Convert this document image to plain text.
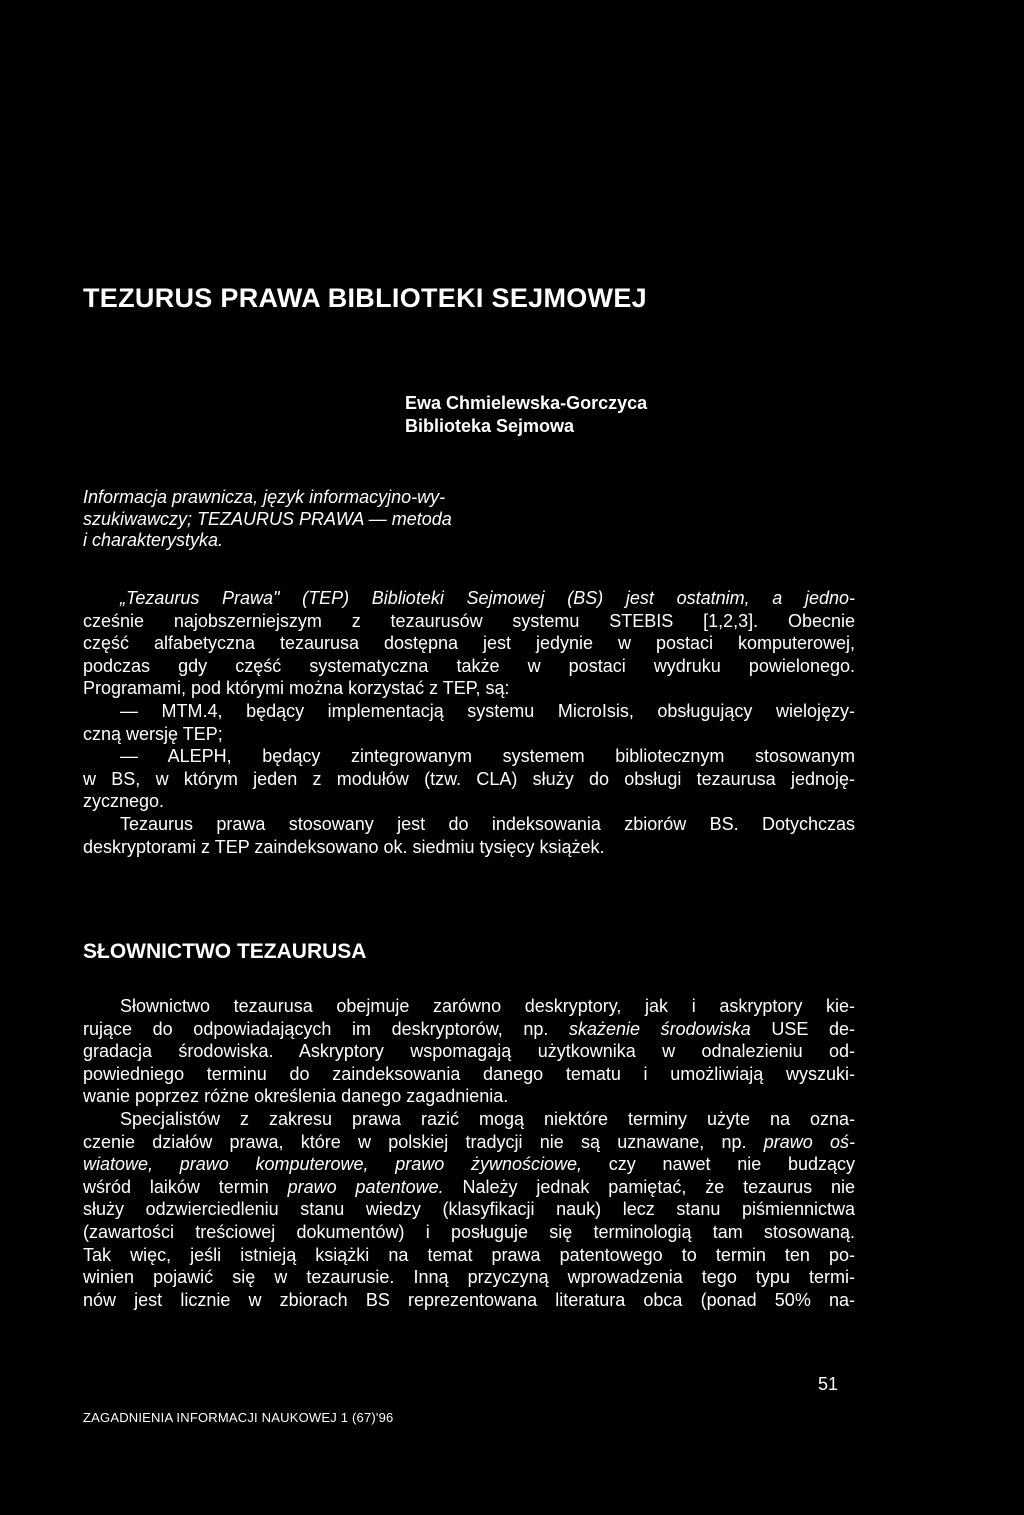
TEZURUS PRAWA BIBLIOTEKI SEJMOWEJ
Ewa Chmielewska-Gorczyca
Biblioteka Sejmowa
Informacja prawnicza, język informacyjno-wy-
szukiwawczy; TEZAURUS PRAWA — metoda
i charakterystyka.
„Tezaurus Prawa" (TEP) Biblioteki Sejmowej (BS) jest ostatnim, a jedno-
cześnie najobszerniejszym z tezaurusów systemu STEBIS [1,2,3]. Obecnie
część alfabetyczna tezaurusa dostępna jest jedynie w postaci komputerowej,
podczas gdy część systematyczna także w postaci wydruku powielonego.
Programami, pod którymi można korzystać z TEP, są:
— MTM.4, będący implementacją systemu MicroIsis, obsługujący wielojęzy-
czną wersję TEP;
— ALEPH, będący zintegrowanym systemem bibliotecznym stosowanym
w BS, w którym jeden z modułów (tzw. CLA) służy do obsługi tezaurusa jednoję-
zycznego.
Tezaurus prawa stosowany jest do indeksowania zbiorów BS. Dotychczas
deskryptorami z TEP zaindeksowano ok. siedmiu tysięcy książek.
SŁOWNICTWO TEZAURUSA
Słownictwo tezaurusa obejmuje zarówno deskryptory, jak i askryptory kie-
rujące do odpowiadających im deskryptorów, np. skażenie środowiska USE de-
gradacja środowiska. Askryptory wspomagają użytkownika w odnalezieniu od-
powiedniego terminu do zaindeksowania danego tematu i umożliwiają wyszuki-
wanie poprzez różne określenia danego zagadnienia.
Specjalistów z zakresu prawa razić mogą niektóre terminy użyte na ozna-
czenie działów prawa, które w polskiej tradycji nie są uznawane, np. prawo oś-
wiatowe, prawo komputerowe, prawo żywnościowe, czy nawet nie budzący
wśród laików termin prawo patentowe. Należy jednak pamiętać, że tezaurus nie
służy odzwierciedleniu stanu wiedzy (klasyfikacji nauk) lecz stanu piśmiennictwa
(zawartości treściowej dokumentów) i posługuje się terminologią tam stosowaną.
Tak więc, jeśli istnieją książki na temat prawa patentowego to termin ten po-
winien pojawić się w tezaurusie. Inną przyczyną wprowadzenia tego typu termi-
nów jest licznie w zbiorach BS reprezentowana literatura obca (ponad 50% na-
51
ZAGADNIENIA INFORMACJI NAUKOWEJ 1 (67)'96
